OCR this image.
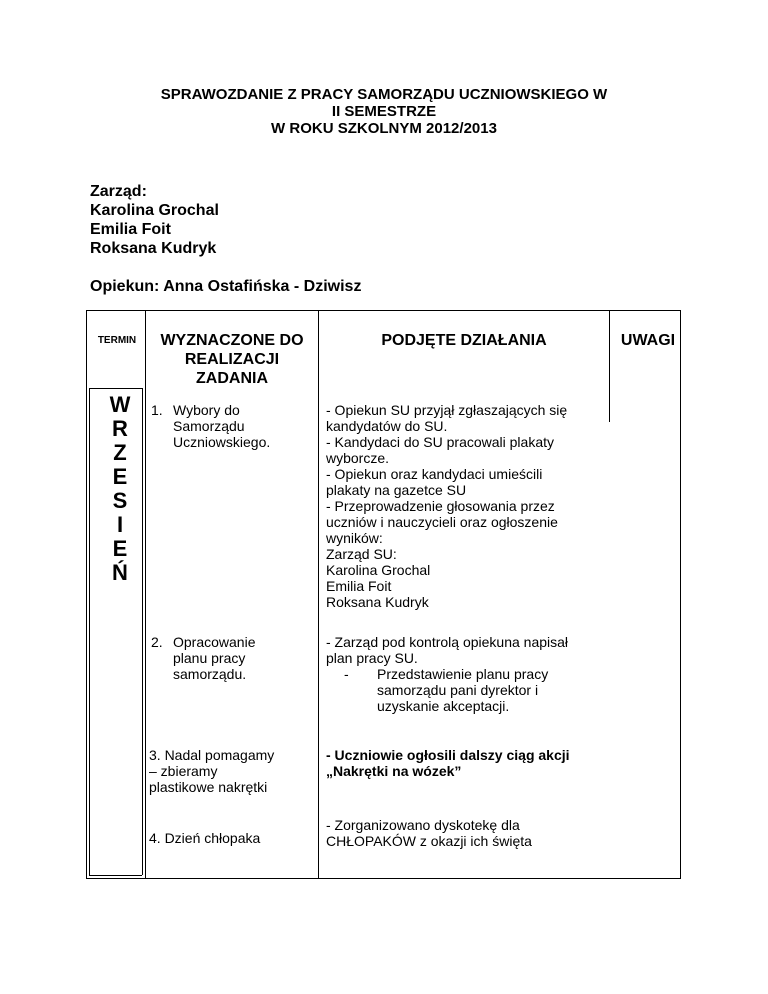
SPRAWOZDANIE Z PRACY SAMORZĄDU UCZNIOWSKIEGO W
II SEMESTRZE
W ROKU SZKOLNYM 2012/2013
Zarząd:
Karolina Grochal
Emilia Foit
Roksana Kudryk
Opiekun: Anna Ostafińska - Dziwisz
TERMIN	WYZNACZONE DO
REALIZACJI
ZADANIA
PODJĘTE DZIAŁANIA	UWAGI
W
R
Z
E
S
I
E
Ń
1. Wybory do
Samorządu
Uczniowskiego.
- Opiekun SU przyjął zgłaszających się
kandydatów do SU.
- Kandydaci do SU pracowali plakaty
wyborcze.
- Opiekun oraz kandydaci umieścili
plakaty na gazetce SU
- Przeprowadzenie głosowania przez
uczniów i nauczycieli oraz ogłoszenie
wyników:
Zarząd SU:
Karolina Grochal
Emilia Foit
Roksana Kudryk
2. Opracowanie
planu pracy
samorządu.
- Zarząd pod kontrolą opiekuna napisał
plan pracy SU.
- Przedstawienie planu pracy
samorządu pani dyrektor i
uzyskanie akceptacji.
3. Nadal pomagamy
– zbieramy
plastikowe nakrętki
- Uczniowie ogłosili dalszy ciąg akcji
„Nakrętki na wózek”
4. Dzień chłopaka
- Zorganizowano dyskotekę dla
CHŁOPAKÓW z okazji ich święta
